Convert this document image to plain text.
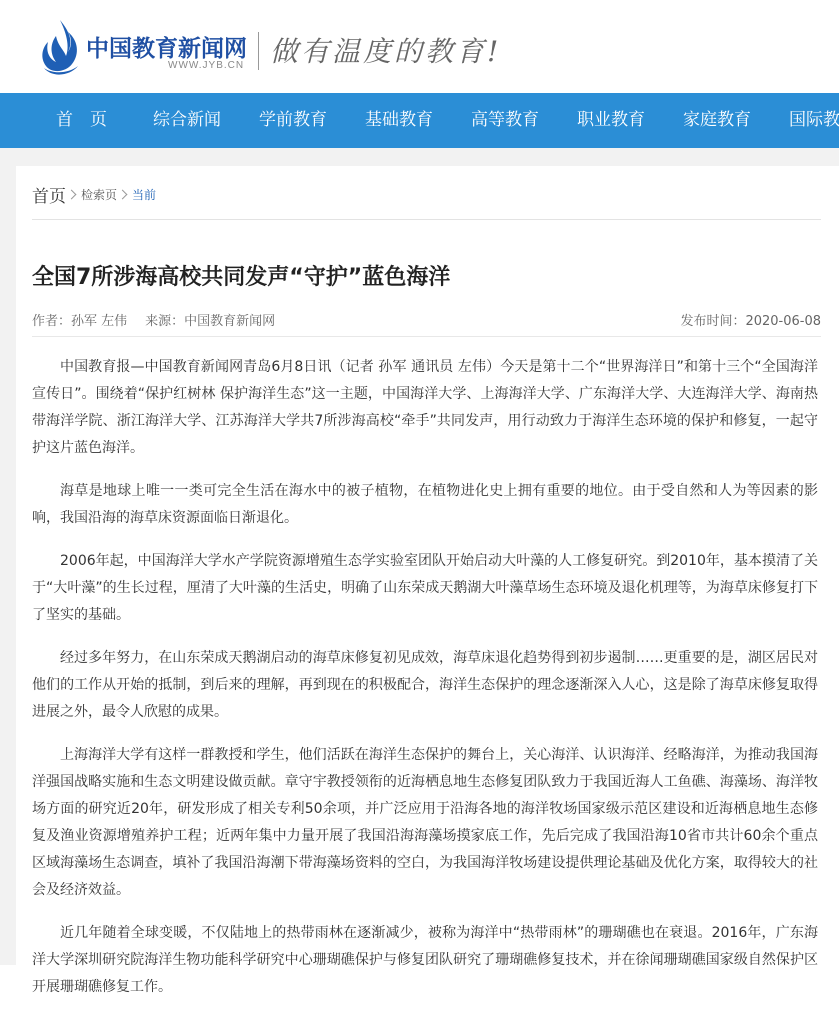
中国教育新闻网
WWW.JYB.CN 做有温度的教育!
首　页	综合新闻 学前教育 基础教育 高等教育 职业教育 家庭教育 国际教
首页 检索页 当前
全国7所涉海高校共同发声“守护”蓝色海洋
作者：孙军 左伟 来源：中国教育新闻网	发布时间：2020-06-08

中国教育报—中国教育新闻网青岛6月8日讯（记者 孙军 通讯员 左伟）今天是第十二个“世界海洋日”和第十三个“全国海洋宣传日”。围绕着“保护红树林 保护海洋生态”这一主题，中国海洋大学、上海海洋大学、广东海洋大学、大连海洋大学、海南热带海洋学院、浙江海洋大学、江苏海洋大学共7所涉海高校“牵手”共同发声，用行动致力于海洋生态环境的保护和修复，一起守护这片蓝色海洋。

海草是地球上唯一一类可完全生活在海水中的被子植物，在植物进化史上拥有重要的地位。由于受自然和人为等因素的影响，我国沿海的海草床资源面临日渐退化。

2006年起，中国海洋大学水产学院资源增殖生态学实验室团队开始启动大叶藻的人工修复研究。到2010年，基本摸清了关于“大叶藻”的生长过程，厘清了大叶藻的生活史，明确了山东荣成天鹅湖大叶藻草场生态环境及退化机理等，为海草床修复打下了坚实的基础。

经过多年努力，在山东荣成天鹅湖启动的海草床修复初见成效，海草床退化趋势得到初步遏制……更重要的是，湖区居民对他们的工作从开始的抵制，到后来的理解，再到现在的积极配合，海洋生态保护的理念逐渐深入人心，这是除了海草床修复取得进展之外，最令人欣慰的成果。

上海海洋大学有这样一群教授和学生，他们活跃在海洋生态保护的舞台上，关心海洋、认识海洋、经略海洋，为推动我国海洋强国战略实施和生态文明建设做贡献。章守宇教授领衔的近海栖息地生态修复团队致力于我国近海人工鱼礁、海藻场、海洋牧场方面的研究近20年，研发形成了相关专利50余项，并广泛应用于沿海各地的海洋牧场国家级示范区建设和近海栖息地生态修复及渔业资源增殖养护工程；近两年集中力量开展了我国沿海海藻场摸家底工作，先后完成了我国沿海10省市共计60余个重点区域海藻场生态调查，填补了我国沿海潮下带海藻场资料的空白，为我国海洋牧场建设提供理论基础及优化方案，取得较大的社会及经济效益。

近几年随着全球变暖，不仅陆地上的热带雨林在逐渐减少，被称为海洋中“热带雨林”的珊瑚礁也在衰退。2016年，广东海洋大学深圳研究院海洋生物功能科学研究中心珊瑚礁保护与修复团队研究了珊瑚礁修复技术，并在徐闻珊瑚礁国家级自然保护区开展珊瑚礁修复工作。
